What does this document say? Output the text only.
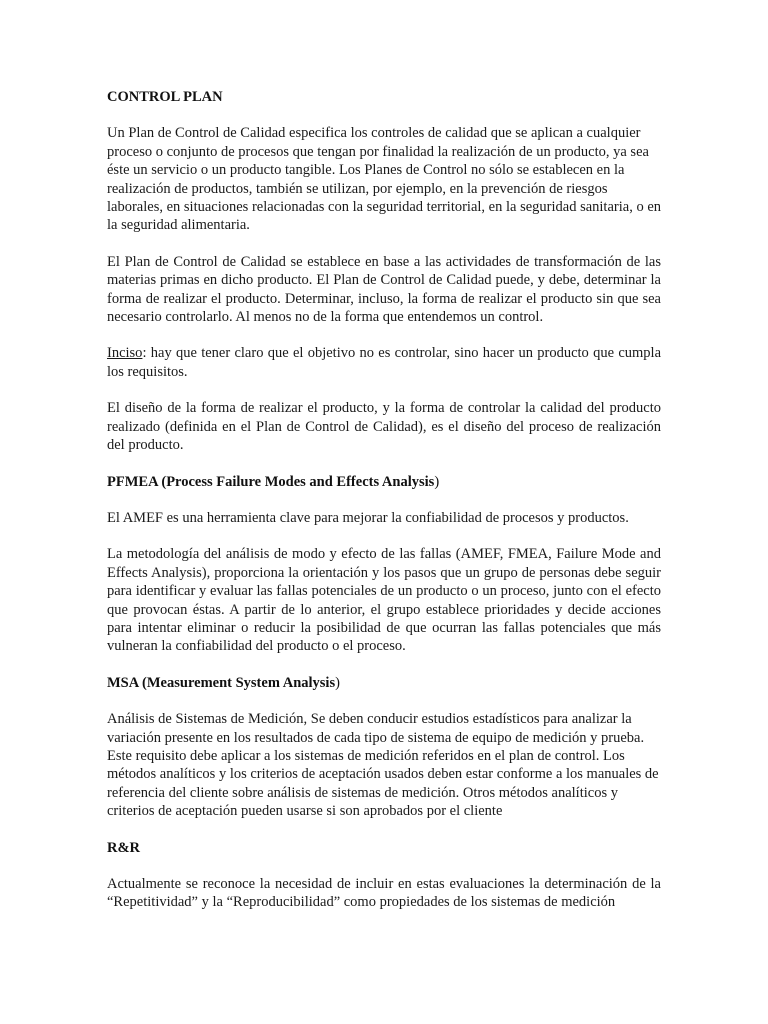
CONTROL PLAN

Un Plan de Control de Calidad especifica los controles de calidad que se aplican a cualquier proceso o conjunto de procesos que tengan por finalidad la realización de un producto, ya sea éste un servicio o un producto tangible. Los Planes de Control no sólo se establecen en la realización de productos, también se utilizan, por ejemplo, en la prevención de riesgos laborales, en situaciones relacionadas con la seguridad territorial, en la seguridad sanitaria, o en la seguridad alimentaria.

El Plan de Control de Calidad se establece en base a las actividades de transformación de las materias primas en dicho producto. El Plan de Control de Calidad puede, y debe, determinar la forma de realizar el producto. Determinar, incluso, la forma de realizar el producto sin que sea necesario controlarlo. Al menos no de la forma que entendemos un control.

Inciso: hay que tener claro que el objetivo no es controlar, sino hacer un producto que cumpla los requisitos.

El diseño de la forma de realizar el producto, y la forma de controlar la calidad del producto realizado (definida en el Plan de Control de Calidad), es el diseño del proceso de realización del producto.

PFMEA (Process Failure Modes and Effects Analysis)

El AMEF es una herramienta clave para mejorar la confiabilidad de procesos y productos.

La metodología del análisis de modo y efecto de las fallas (AMEF, FMEA, Failure Mode and Effects Analysis), proporciona la orientación y los pasos que un grupo de personas debe seguir para identificar y evaluar las fallas potenciales de un producto o un proceso, junto con el efecto que provocan éstas. A partir de lo anterior, el grupo establece prioridades y decide acciones para intentar eliminar o reducir la posibilidad de que ocurran las fallas potenciales que más vulneran la confiabilidad del producto o el proceso.

MSA (Measurement System Analysis)

Análisis de Sistemas de Medición, Se deben conducir estudios estadísticos para analizar la variación presente en los resultados de cada tipo de sistema de equipo de medición y prueba. Este requisito debe aplicar a los sistemas de medición referidos en el plan de control. Los métodos analíticos y los criterios de aceptación usados deben estar conforme a los manuales de referencia del cliente sobre análisis de sistemas de medición. Otros métodos analíticos y criterios de aceptación pueden usarse si son aprobados por el cliente

R&R

Actualmente se reconoce la necesidad de incluir en estas evaluaciones la determinación de la “Repetitividad” y la “Reproducibilidad” como propiedades de los sistemas de medición
